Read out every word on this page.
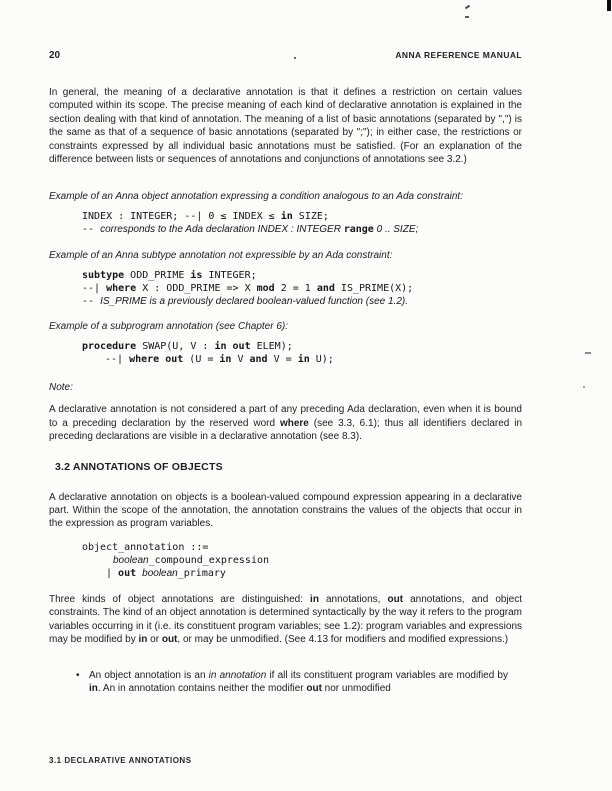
20	ANNA REFERENCE MANUAL

In general, the meaning of a declarative annotation is that it defines a restriction on certain values computed within its scope. The precise meaning of each kind of declarative annotation is explained in the section dealing with that kind of annotation. The meaning of a list of basic annotations (separated by ",") is the same as that of a sequence of basic annotations (separated by ";"); in either case, the restrictions or constraints expressed by all individual basic annotations must be satisfied. (For an explanation of the difference between lists or sequences of annotations and conjunctions of annotations see 3.2.)

Example of an Anna object annotation expressing a condition analogous to an Ada constraint:

INDEX : INTEGER; --| 0 ≤ INDEX ≤ in SIZE;
-- corresponds to the Ada declaration INDEX : INTEGER range 0 .. SIZE;

Example of an Anna subtype annotation not expressible by an Ada constraint:

subtype ODD_PRIME is INTEGER;
--| where X : ODD_PRIME => X mod 2 = 1 and IS_PRIME(X);
-- IS_PRIME is a previously declared boolean-valued function (see 1.2).

Example of a subprogram annotation (see Chapter 6):

procedure SWAP(U, V : in out ELEM);
--| where out (U = in V and V = in U);

Note:

A declarative annotation is not considered a part of any preceding Ada declaration, even when it is bound to a preceding declaration by the reserved word where (see 3.3, 6.1); thus all identifiers declared in preceding declarations are visible in a declarative annotation (see 8.3).

3.2 ANNOTATIONS OF OBJECTS

A declarative annotation on objects is a boolean-valued compound expression appearing in a declarative part. Within the scope of the annotation, the annotation constrains the values of the objects that occur in the expression as program variables.

object_annotation ::=
boolean_compound_expression
| out boolean_primary

Three kinds of object annotations are distinguished: in annotations, out annotations, and object constraints. The kind of an object annotation is determined syntactically by the way it refers to the program variables occurring in it (i.e. its constituent program variables; see 1.2): program variables and expressions may be modified by in or out, or may be unmodified. (See 4.13 for modifiers and modified expressions.)

• An object annotation is an in annotation if all its constituent program variables are modified by in. An in annotation contains neither the modifier out nor unmodified
3.1 DECLARATIVE ANNOTATIONS
